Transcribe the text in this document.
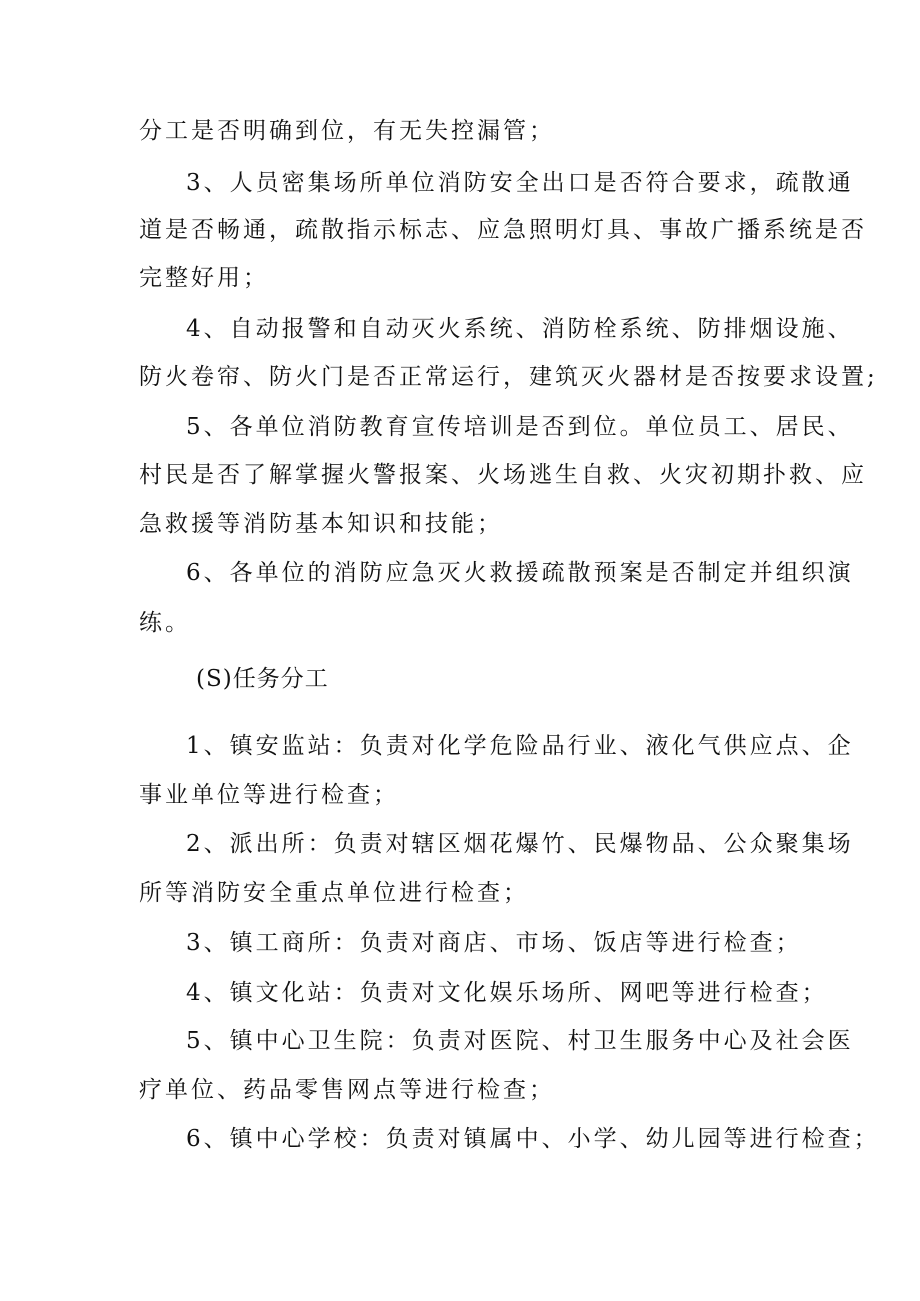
分工是否明确到位，有无失控漏管；
3、人员密集场所单位消防安全出口是否符合要求，疏散通
道是否畅通，疏散指示标志、应急照明灯具、事故广播系统是否
完整好用；
4、自动报警和自动灭火系统、消防栓系统、防排烟设施、
防火卷帘、防火门是否正常运行，建筑灭火器材是否按要求设置;
5、各单位消防教育宣传培训是否到位。单位员工、居民、
村民是否了解掌握火警报案、火场逃生自救、火灾初期扑救、应
急救援等消防基本知识和技能；
6、各单位的消防应急灭火救援疏散预案是否制定并组织演
练。
(S)任务分工
1、镇安监站：负责对化学危险品行业、液化气供应点、企
事业单位等进行检查；
2、派出所：负责对辖区烟花爆竹、民爆物品、公众聚集场
所等消防安全重点单位进行检查；
3、镇工商所：负责对商店、市场、饭店等进行检查；
4、镇文化站：负责对文化娱乐场所、网吧等进行检查；
5、镇中心卫生院：负责对医院、村卫生服务中心及社会医
疗单位、药品零售网点等进行检查；
6、镇中心学校：负责对镇属中、小学、幼儿园等进行检查；
